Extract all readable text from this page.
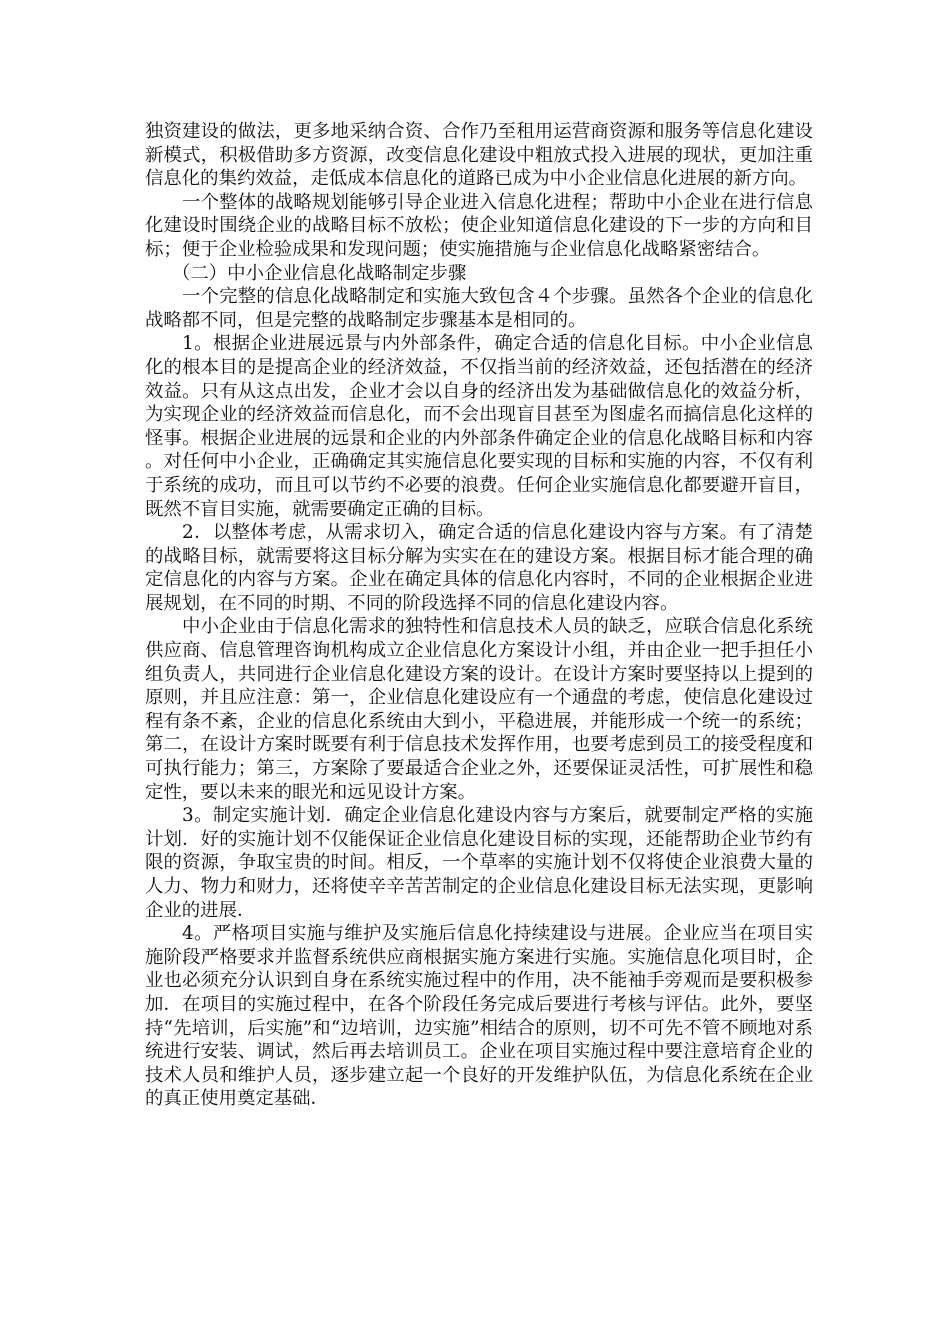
独资建设的做法，更多地采纳合资、合作乃至租用运营商资源和服务等信息化建设新模式，积极借助多方资源，改变信息化建设中粗放式投入进展的现状，更加注重信息化的集约效益，走低成本信息化的道路已成为中小企业信息化进展的新方向。

一个整体的战略规划能够引导企业进入信息化进程；帮助中小企业在进行信息化建设时围绕企业的战略目标不放松；使企业知道信息化建设的下一步的方向和目标；便于企业检验成果和发现问题；使实施措施与企业信息化战略紧密结合。

（二）中小企业信息化战略制定步骤

一个完整的信息化战略制定和实施大致包含４个步骤。虽然各个企业的信息化战略都不同，但是完整的战略制定步骤基本是相同的。

1。根据企业进展远景与内外部条件，确定合适的信息化目标。中小企业信息化的根本目的是提高企业的经济效益，不仅指当前的经济效益，还包括潜在的经济效益。只有从这点出发，企业才会以自身的经济出发为基础做信息化的效益分析，为实现企业的经济效益而信息化，而不会出现盲目甚至为图虚名而搞信息化这样的怪事。根据企业进展的远景和企业的内外部条件确定企业的信息化战略目标和内容。对任何中小企业，正确确定其实施信息化要实现的目标和实施的内容，不仅有利于系统的成功，而且可以节约不必要的浪费。任何企业实施信息化都要避开盲目，既然不盲目实施，就需要确定正确的目标。

2．以整体考虑，从需求切入，确定合适的信息化建设内容与方案。有了清楚的战略目标，就需要将这目标分解为实实在在的建设方案。根据目标才能合理的确定信息化的内容与方案。企业在确定具体的信息化内容时，不同的企业根据企业进展规划，在不同的时期、不同的阶段选择不同的信息化建设内容。

中小企业由于信息化需求的独特性和信息技术人员的缺乏，应联合信息化系统供应商、信息管理咨询机构成立企业信息化方案设计小组，并由企业一把手担任小组负责人，共同进行企业信息化建设方案的设计。在设计方案时要坚持以上提到的原则，并且应注意：第一，企业信息化建设应有一个通盘的考虑，使信息化建设过程有条不紊，企业的信息化系统由大到小，平稳进展，并能形成一个统一的系统；第二，在设计方案时既要有利于信息技术发挥作用，也要考虑到员工的接受程度和可执行能力；第三，方案除了要最适合企业之外，还要保证灵活性，可扩展性和稳定性，要以未来的眼光和远见设计方案。

3。制定实施计划．确定企业信息化建设内容与方案后，就要制定严格的实施计划．好的实施计划不仅能保证企业信息化建设目标的实现，还能帮助企业节约有限的资源，争取宝贵的时间。相反，一个草率的实施计划不仅将使企业浪费大量的人力、物力和财力，还将使辛辛苦苦制定的企业信息化建设目标无法实现，更影响企业的进展．

4。严格项目实施与维护及实施后信息化持续建设与进展。企业应当在项目实施阶段严格要求并监督系统供应商根据实施方案进行实施。实施信息化项目时，企业也必须充分认识到自身在系统实施过程中的作用，决不能袖手旁观而是要积极参加．在项目的实施过程中，在各个阶段任务完成后要进行考核与评估。此外，要坚持“先培训，后实施”和“边培训，边实施”相结合的原则，切不可先不管不顾地对系统进行安装、调试，然后再去培训员工。企业在项目实施过程中要注意培育企业的技术人员和维护人员，逐步建立起一个良好的开发维护队伍，为信息化系统在企业的真正使用奠定基础．
